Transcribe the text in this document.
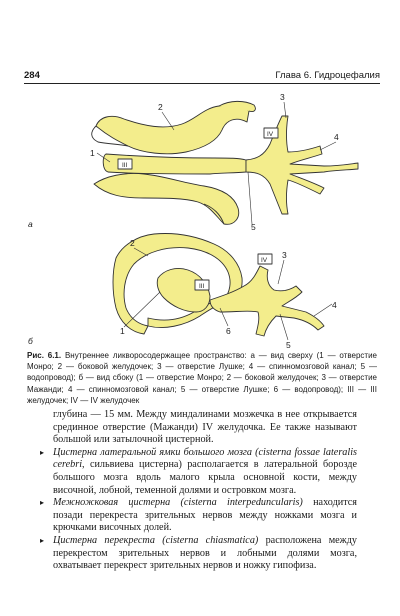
284	Глава 6. Гидроцефалия
III
IV
2
1
3
4
5
а
III
IV
2
1
3
4
5
6
б
Рис. 6.1. Внутреннее ликворосодержащее пространство: а — вид сверху (1 — отверстие Монро; 2 — боковой желудочек; 3 — отверстие Лушке; 4 — спинномозговой канал; 5 — водопровод); б — вид сбоку (1 — отверстие Монро; 2 — боковой желудочек; 3 — отверстие Мажанди; 4 — спинномозговой канал; 5 — отверстие Лушке; 6 — водопровод); III — III желудочек; IV — IV желудочек

глубина — 15 мм. Между миндалинами мозжечка в нее открывается срединное отверстие (Мажанди) IV желудочка. Ее также называют большой или затылочной цистерной.

▸ Цистерна латеральной ямки большого мозга (cisterna fossae lateralis cerebri, сильвиева цистерна) располагается в латеральной борозде большого мозга вдоль малого крыла основной кости, между височной, лобной, теменной долями и островком мозга.

▸ Межножковая цистерна (cisterna interpeduncularis) находится позади перекреста зрительных нервов между ножками мозга и крючками височных долей.

▸ Цистерна перекреста (cisterna chiasmatica) расположена между перекрестом зрительных нервов и лобными долями мозга, охватывает перекрест зрительных нервов и ножку гипофиза.
